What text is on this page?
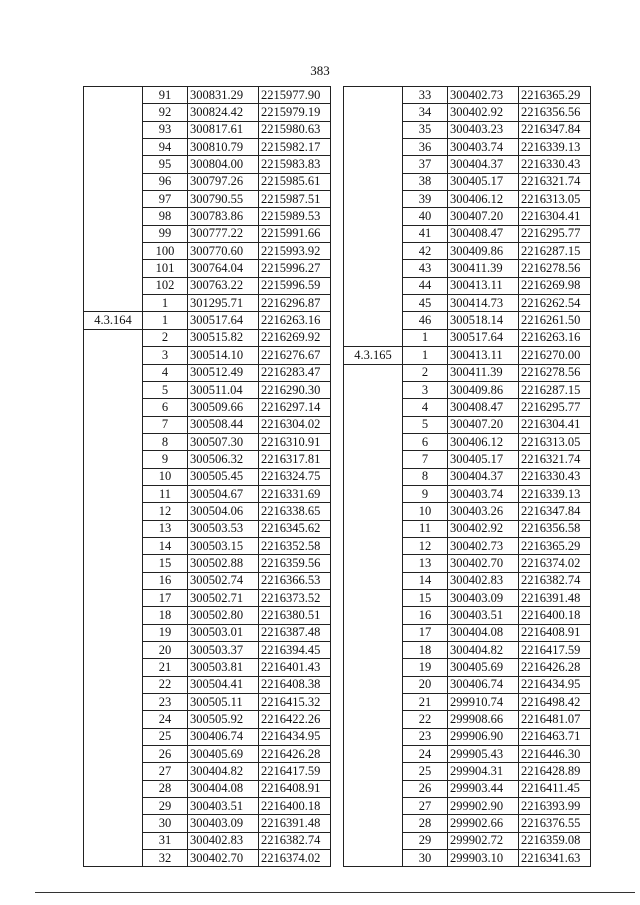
383
	91	300831.29	2215977.90
	92	300824.42	2215979.19
	93	300817.61	2215980.63
	94	300810.79	2215982.17
	95	300804.00	2215983.83
	96	300797.26	2215985.61
	97	300790.55	2215987.51
	98	300783.86	2215989.53
	99	300777.22	2215991.66
	100	300770.60	2215993.92
	101	300764.04	2215996.27
	102	300763.22	2215996.59
	1	301295.71	2216296.87
4.3.164	1	300517.64	2216263.16
	2	300515.82	2216269.92
	3	300514.10	2216276.67
	4	300512.49	2216283.47
	5	300511.04	2216290.30
	6	300509.66	2216297.14
	7	300508.44	2216304.02
	8	300507.30	2216310.91
	9	300506.32	2216317.81
	10	300505.45	2216324.75
	11	300504.67	2216331.69
	12	300504.06	2216338.65
	13	300503.53	2216345.62
	14	300503.15	2216352.58
	15	300502.88	2216359.56
	16	300502.74	2216366.53
	17	300502.71	2216373.52
	18	300502.80	2216380.51
	19	300503.01	2216387.48
	20	300503.37	2216394.45
	21	300503.81	2216401.43
	22	300504.41	2216408.38
	23	300505.11	2216415.32
	24	300505.92	2216422.26
	25	300406.74	2216434.95
	26	300405.69	2216426.28
	27	300404.82	2216417.59
	28	300404.08	2216408.91
	29	300403.51	2216400.18
	30	300403.09	2216391.48
	31	300402.83	2216382.74
	32	300402.70	2216374.02
	33	300402.73	2216365.29
	34	300402.92	2216356.56
	35	300403.23	2216347.84
	36	300403.74	2216339.13
	37	300404.37	2216330.43
	38	300405.17	2216321.74
	39	300406.12	2216313.05
	40	300407.20	2216304.41
	41	300408.47	2216295.77
	42	300409.86	2216287.15
	43	300411.39	2216278.56
	44	300413.11	2216269.98
	45	300414.73	2216262.54
	46	300518.14	2216261.50
	1	300517.64	2216263.16
4.3.165	1	300413.11	2216270.00
	2	300411.39	2216278.56
	3	300409.86	2216287.15
	4	300408.47	2216295.77
	5	300407.20	2216304.41
	6	300406.12	2216313.05
	7	300405.17	2216321.74
	8	300404.37	2216330.43
	9	300403.74	2216339.13
	10	300403.26	2216347.84
	11	300402.92	2216356.58
	12	300402.73	2216365.29
	13	300402.70	2216374.02
	14	300402.83	2216382.74
	15	300403.09	2216391.48
	16	300403.51	2216400.18
	17	300404.08	2216408.91
	18	300404.82	2216417.59
	19	300405.69	2216426.28
	20	300406.74	2216434.95
	21	299910.74	2216498.42
	22	299908.66	2216481.07
	23	299906.90	2216463.71
	24	299905.43	2216446.30
	25	299904.31	2216428.89
	26	299903.44	2216411.45
	27	299902.90	2216393.99
	28	299902.66	2216376.55
	29	299902.72	2216359.08
	30	299903.10	2216341.63
